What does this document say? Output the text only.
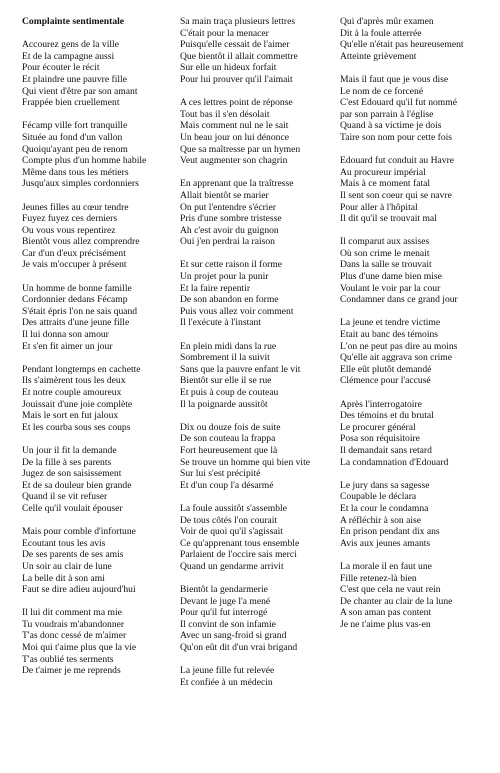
Complainte sentimentale
Accourez gens de la ville
Et de la campagne aussi
Pour écouter le récit
Et plaindre une pauvre fille
Qui vient d'être par son amant
Frappée bien cruellement
Fécamp ville fort tranquille
Située au fond d'un vallon
Quoiqu'ayant peu de renom
Compte plus d'un homme habile
Même dans tous les métiers
Jusqu'aux simples cordonniers
Jeunes filles au cœur tendre
Fuyez fuyez ces derniers
Ou vous vous repentirez
Bientôt vous allez comprendre
Car d'un d'eux précisément
Je vais m'occuper à présent
Un homme de bonne famille
Cordonnier dedans Fécamp
S'était épris l'on ne sais quand
Des attraits d'une jeune fille
Il lui donna son amour
Et s'en fit aimer un jour
Pendant longtemps en cachette
Ils s'aimèrent tous les deux
Et notre couple amoureux
Jouissait d'une joie complète
Mais le sort en fut jaloux
Et les courba sous ses coups
Un jour il fit la demande
De la fille à ses parents
Jugez de son saisissement
Et de sa douleur bien grande
Quand il se vit refuser
Celle qu'il voulait épouser
Mais pour comble d'infortune
Ecoutant tous les avis
De ses parents de ses amis
Un soir au clair de lune
La belle dit à son ami
Faut se dire adieu aujourd'hui
Il lui dit comment ma mie
Tu voudrais m'abandonner
T'as donc cessé de m'aimer
Moi qui t'aime plus que la vie
T'as oublié tes serments
De t'aimer je me reprends
Sa main traça plusieurs lettres
C'était pour la menacer
Puisqu'elle cessait de l'aimer
Que bientôt il allait commettre
Sur elle un hideux forfait
Pour lui prouver qu'il l'aimait
A ces lettres point de réponse
Tout bas il s'en désolait
Mais comment nul ne le sait
Un beau jour on lui dénonce
Que sa maîtresse par un hymen
Veut augmenter son chagrin
En apprenant que la traîtresse
Allait bientôt se marier
On put l'entendre s'écrier
Pris d'une sombre tristesse
Ah c'est avoir du guignon
Oui j'en perdrai la raison
Et sur cette raison il forme
Un projet pour la punir
Et la faire repentir
De son abandon en forme
Puis vous allez voir comment
Il l'exécute à l'instant
En plein midi dans la rue
Sombrement il la suivit
Sans que la pauvre enfant le vit
Bientôt sur elle il se rue
Et puis à coup de couteau
Il la poignarde aussitôt
Dix ou douze fois de suite
De son couteau la frappa
Fort heureusement que là
Se trouve un homme qui bien vite
Sur lui s'est précipité
Et d'un coup l'a désarmé
La foule aussitôt s'assemble
De tous côtés l'on courait
Voir de quoi qu'il s'agissait
Ce qu'apprenant tous ensemble
Parlaient de l'occire sais merci
Quand un gendarme arrivit
Bientôt la gendarmerie
Devant le juge l'a mené
Pour qu'il fut interrogé
Il convint de son infamie
Avec un sang-froid si grand
Qu'on eût dit d'un vrai brigand
La jeune fille fut relevée
Et confiée à un médecin
Qui d'après mûr examen
Dit à la foule atterrée
Qu'elle n'était pas heureusement
Atteinte grièvement
Mais il faut que je vous dise
Le nom de ce forcené
C'est Edouard qu'il fut nommé
par son parrain à l'église
Quand à sa victime je dois
Taire son nom pour cette fois
Edouard fut conduit au Havre
Au procureur impérial
Mais à ce moment fatal
Il sent son coeur qui se navre
Pour aller à l'hôpital
Il dit qu'il se trouvait mal
Il comparut aux assises
Où son crime le menait
Dans la salle se trouvait
Plus d'une dame bien mise
Voulant le voir par la cour
Condamner dans ce grand jour
La jeune et tendre victime
Etait au banc des témoins
L'on ne peut pas dire au moins
Qu'elle ait aggrava son crime
Elle eût plutôt demandé
Clémence pour l'accusé
Après l'interrogatoire
Des témoins et du brutal
Le procurer général
Posa son réquisitoire
Il demandait sans retard
La condamnation d'Edouard
Le jury dans sa sagesse
Coupable le déclara
Et la cour le condamna
A réfléchir à son aise
En prison pendant dix ans
Avis aux jeunes amants
La morale il en faut une
Fille retenez-là bien
C'est que cela ne vaut rein
De chanter au clair de la lune
A son aman pas content
Je ne t'aime plus vas-en
